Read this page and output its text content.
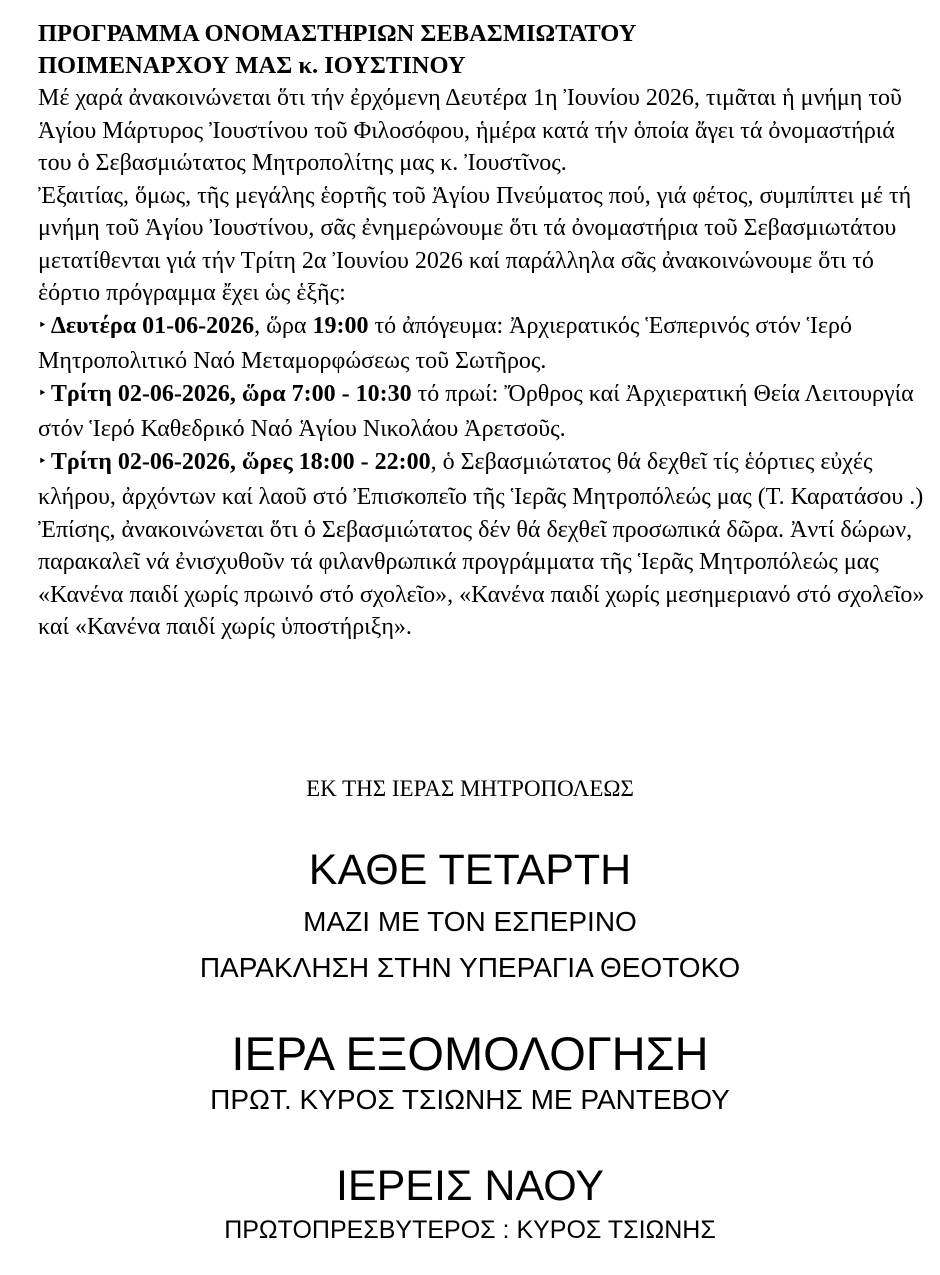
ΠΡΟΓΡΑΜΜΑ ΟΝΟΜΑΣΤΗΡΙΩΝ ΣΕΒΑΣΜΙΩΤΑΤΟΥ
ΠΟΙΜΕΝΑΡΧΟΥ ΜΑΣ κ. ΙΟΥΣΤΙΝΟΥ

Μέ χαρά ἀνακοινώνεται ὅτι τήν ἐρχόμενη Δευτέρα 1η Ἰουνίου 2026, τιμᾶται ἡ μνήμη τοῦ Ἁγίου Μάρτυρος Ἰουστίνου τοῦ Φιλοσόφου, ἡμέρα κατά τήν ὁποία ἄγει τά ὀνομαστήριά του ὁ Σεβασμιώτατος Μητροπολίτης μας κ. Ἰουστῖνος.

Ἐξαιτίας, ὅμως, τῆς μεγάλης ἑορτῆς τοῦ Ἁγίου Πνεύματος πού, γιά φέτος, συμπίπτει μέ τή μνήμη τοῦ Ἁγίου Ἰουστίνου, σᾶς ἐνημερώνουμε ὅτι τά ὀνομαστήρια τοῦ Σεβασμιωτάτου μετατίθενται γιά τήν Τρίτη 2α Ἰουνίου 2026 καί παράλληλα σᾶς ἀνακοινώνουμε ὅτι τό ἑόρτιο πρόγραμμα ἔχει ὡς ἑξῆς:

‣ Δευτέρα 01-06-2026, ὥρα 19:00 τό ἀπόγευμα: Ἀρχιερατικός Ἑσπερινός στόν Ἱερό Μητροπολιτικό Ναό Μεταμορφώσεως τοῦ Σωτῆρος.

‣ Τρίτη 02-06-2026, ὥρα 7:00 - 10:30 τό πρωί: Ὄρθρος καί Ἀρχιερατική Θεία Λειτουργία στόν Ἱερό Καθεδρικό Ναό Ἁγίου Νικολάου Ἀρετσοῦς.

‣ Τρίτη 02-06-2026, ὥρες 18:00 - 22:00, ὁ Σεβασμιώτατος θά δεχθεῖ τίς ἑόρτιες εὐχές κλήρου, ἀρχόντων καί λαοῦ στό Ἐπισκοπεῖο τῆς Ἱερᾶς Μητροπόλεώς μας (Τ. Καρατάσου .)

Ἐπίσης, ἀνακοινώνεται ὅτι ὁ Σεβασμιώτατος δέν θά δεχθεῖ προσωπικά δῶρα. Ἀντί δώρων, παρακαλεῖ νά ἐνισχυθοῦν τά φιλανθρωπικά προγράμματα τῆς Ἱερᾶς Μητροπόλεώς μας «Κανένα παιδί χωρίς πρωινό στό σχολεῖο», «Κανένα παιδί χωρίς μεσημεριανό στό σχολεῖο» καί «Κανένα παιδί χωρίς ὑποστήριξη».

ΕΚ ΤΗΣ ΙΕΡΑΣ ΜΗΤΡΟΠΟΛΕΩΣ
ΚΑΘΕ ΤΕΤΑΡΤΗ
ΜΑΖΙ ΜΕ ΤΟΝ ΕΣΠΕΡΙΝΟ
ΠΑΡΑΚΛΗΣΗ ΣΤΗΝ ΥΠΕΡΑΓΙΑ ΘΕΟΤΟΚΟ
ΙΕΡΑ ΕΞΟΜΟΛΟΓΗΣΗ
ΠΡΩΤ. ΚΥΡΟΣ ΤΣΙΩΝΗΣ ΜΕ ΡΑΝΤΕΒΟΥ
ΙΕΡΕΙΣ ΝΑΟΥ
ΠΡΩΤΟΠΡΕΣΒΥΤΕΡΟΣ : ΚΥΡΟΣ ΤΣΙΩΝΗΣ
